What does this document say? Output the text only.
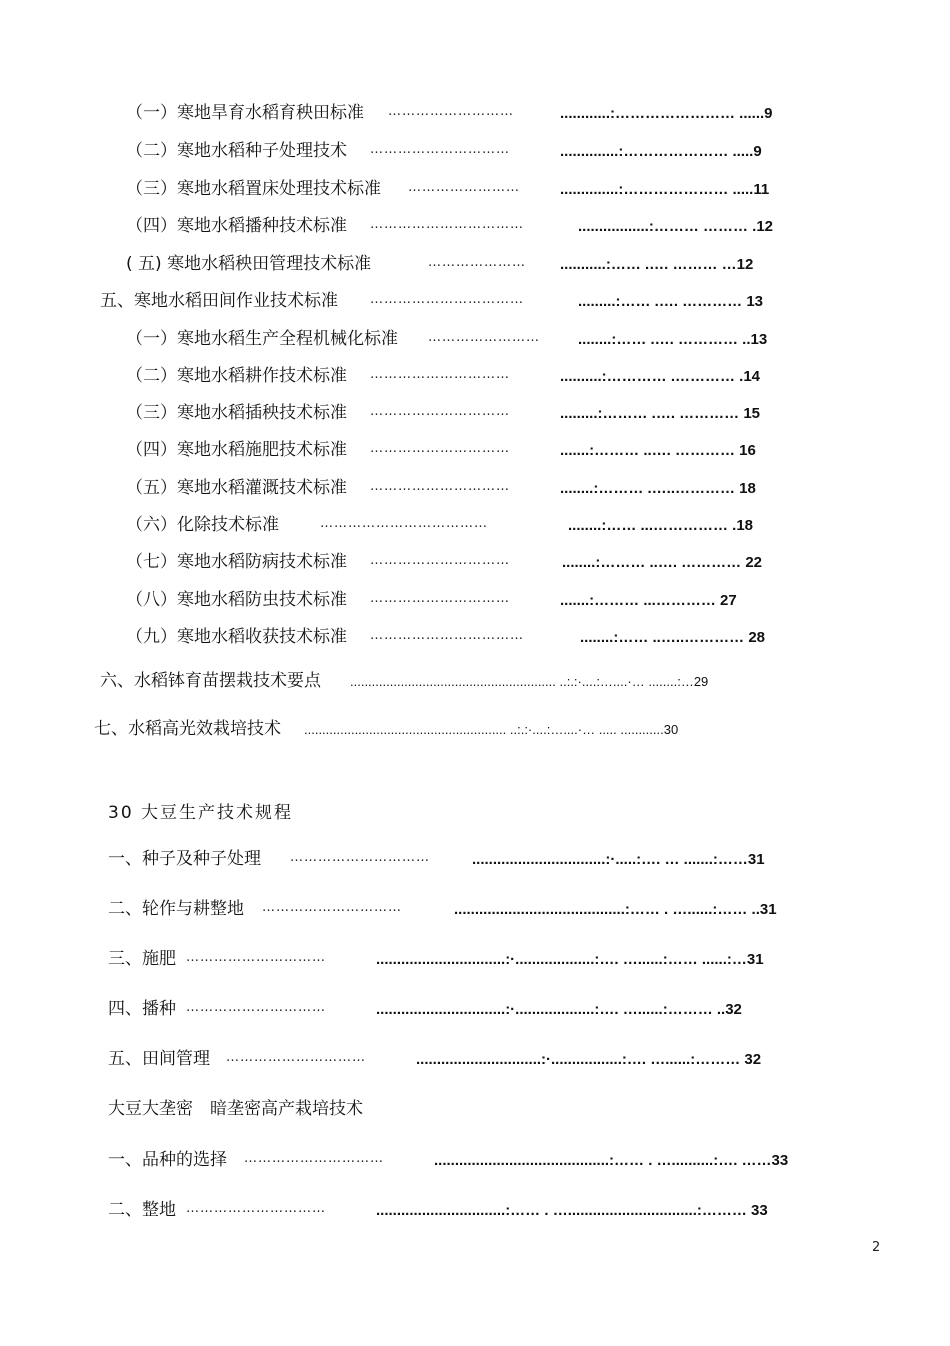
（一）寒地旱育水稻育秧田标准 ………………………	............:…………………… ......9
（二）寒地水稻种子处理技术 …………………………	..............:………………… .....9
（三）寒地水稻置床处理技术标准 ……………………	..............:………………… .....11
（四）寒地水稻播种技术标准 ……………………………	.................:……… ……… .12
( 五) 寒地水稻秧田管理技术标准	………………… ...........:…… .…. ……… …12
五、寒地水稻田间作业技术标准 ……………………………	.........:…… .…. ………… 13
（一）寒地水稻生产全程机械化标准 ……………………	........:…… .…. ………… ..13
（二）寒地水稻耕作技术标准 …………………………	..........:………… .………… .14
（三）寒地水稻插秧技术标准 …………………………	.........:……… .…. ………… 15
（四）寒地水稻施肥技术标准 …………………………	.......:……… ..…. ………… 16
（五）寒地水稻灌溉技术标准 …………………………	........:……… .…..………… 18
（六）化除技术标准	………………………………	........:…… ...…………… .18
（七）寒地水稻防病技术标准 …………………………	........:……… ..…. ………… 22
（八）寒地水稻防虫技术标准 …………………………	.......:……… ...………… 27
（九）寒地水稻收获技术标准 ……………………………	........:…… ..…..………… 28
六、水稻钵育苗摆栽技术要点 ......................................................... ..:.:·....:…....·… ........:…29
七、水稻高光效栽培技术 ........................................................ ..:.:·....:…....·… ..... ............30
30 大豆生产技术规程
一、种子及种子处理 …………………………	................................:·.....:…. … .......:……31
二、轮作与耕整地 …………………………	.........................................:…… . …......:…… ..31
三、施肥 …………………………	...............................:·...................:…. …......:…… ......:…31
四、播种 …………………………	...............................:·...................:…. …......:……… ..32
五、田间管理 …………………………	..............................:·.................:…. …......:……… 32
大豆大垄密　暗垄密高产栽培技术
一、品种的选择 …………………………	..........................................:…… . …..........:…. ……33
二、整地 …………………………	...............................:…… . …...............................:……… 33
2
